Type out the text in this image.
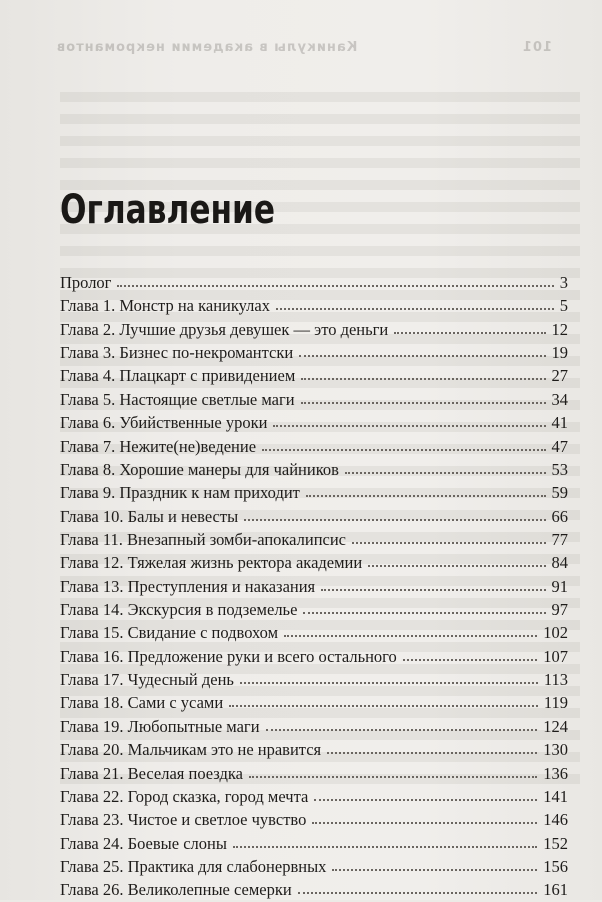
101
Каникулы в академии некромантов
Оглавление
Пролог	3
Глава 1. Монстр на каникулах	5
Глава 2. Лучшие друзья девушек — это деньги	12
Глава 3. Бизнес по-некромантски	19
Глава 4. Плацкарт с привидением	27
Глава 5. Настоящие светлые маги	34
Глава 6. Убийственные уроки	41
Глава 7. Нежите(не)ведение	47
Глава 8. Хорошие манеры для чайников	53
Глава 9. Праздник к нам приходит	59
Глава 10. Балы и невесты	66
Глава 11. Внезапный зомби-апокалипсис	77
Глава 12. Тяжелая жизнь ректора академии	84
Глава 13. Преступления и наказания	91
Глава 14. Экскурсия в подземелье	97
Глава 15. Свидание с подвохом	102
Глава 16. Предложение руки и всего остального	107
Глава 17. Чудесный день	113
Глава 18. Сами с усами	119
Глава 19. Любопытные маги	124
Глава 20. Мальчикам это не нравится	130
Глава 21. Веселая поездка	136
Глава 22. Город сказка, город мечта	141
Глава 23. Чистое и светлое чувство	146
Глава 24. Боевые слоны	152
Глава 25. Практика для слабонервных	156
Глава 26. Великолепные семерки	161
